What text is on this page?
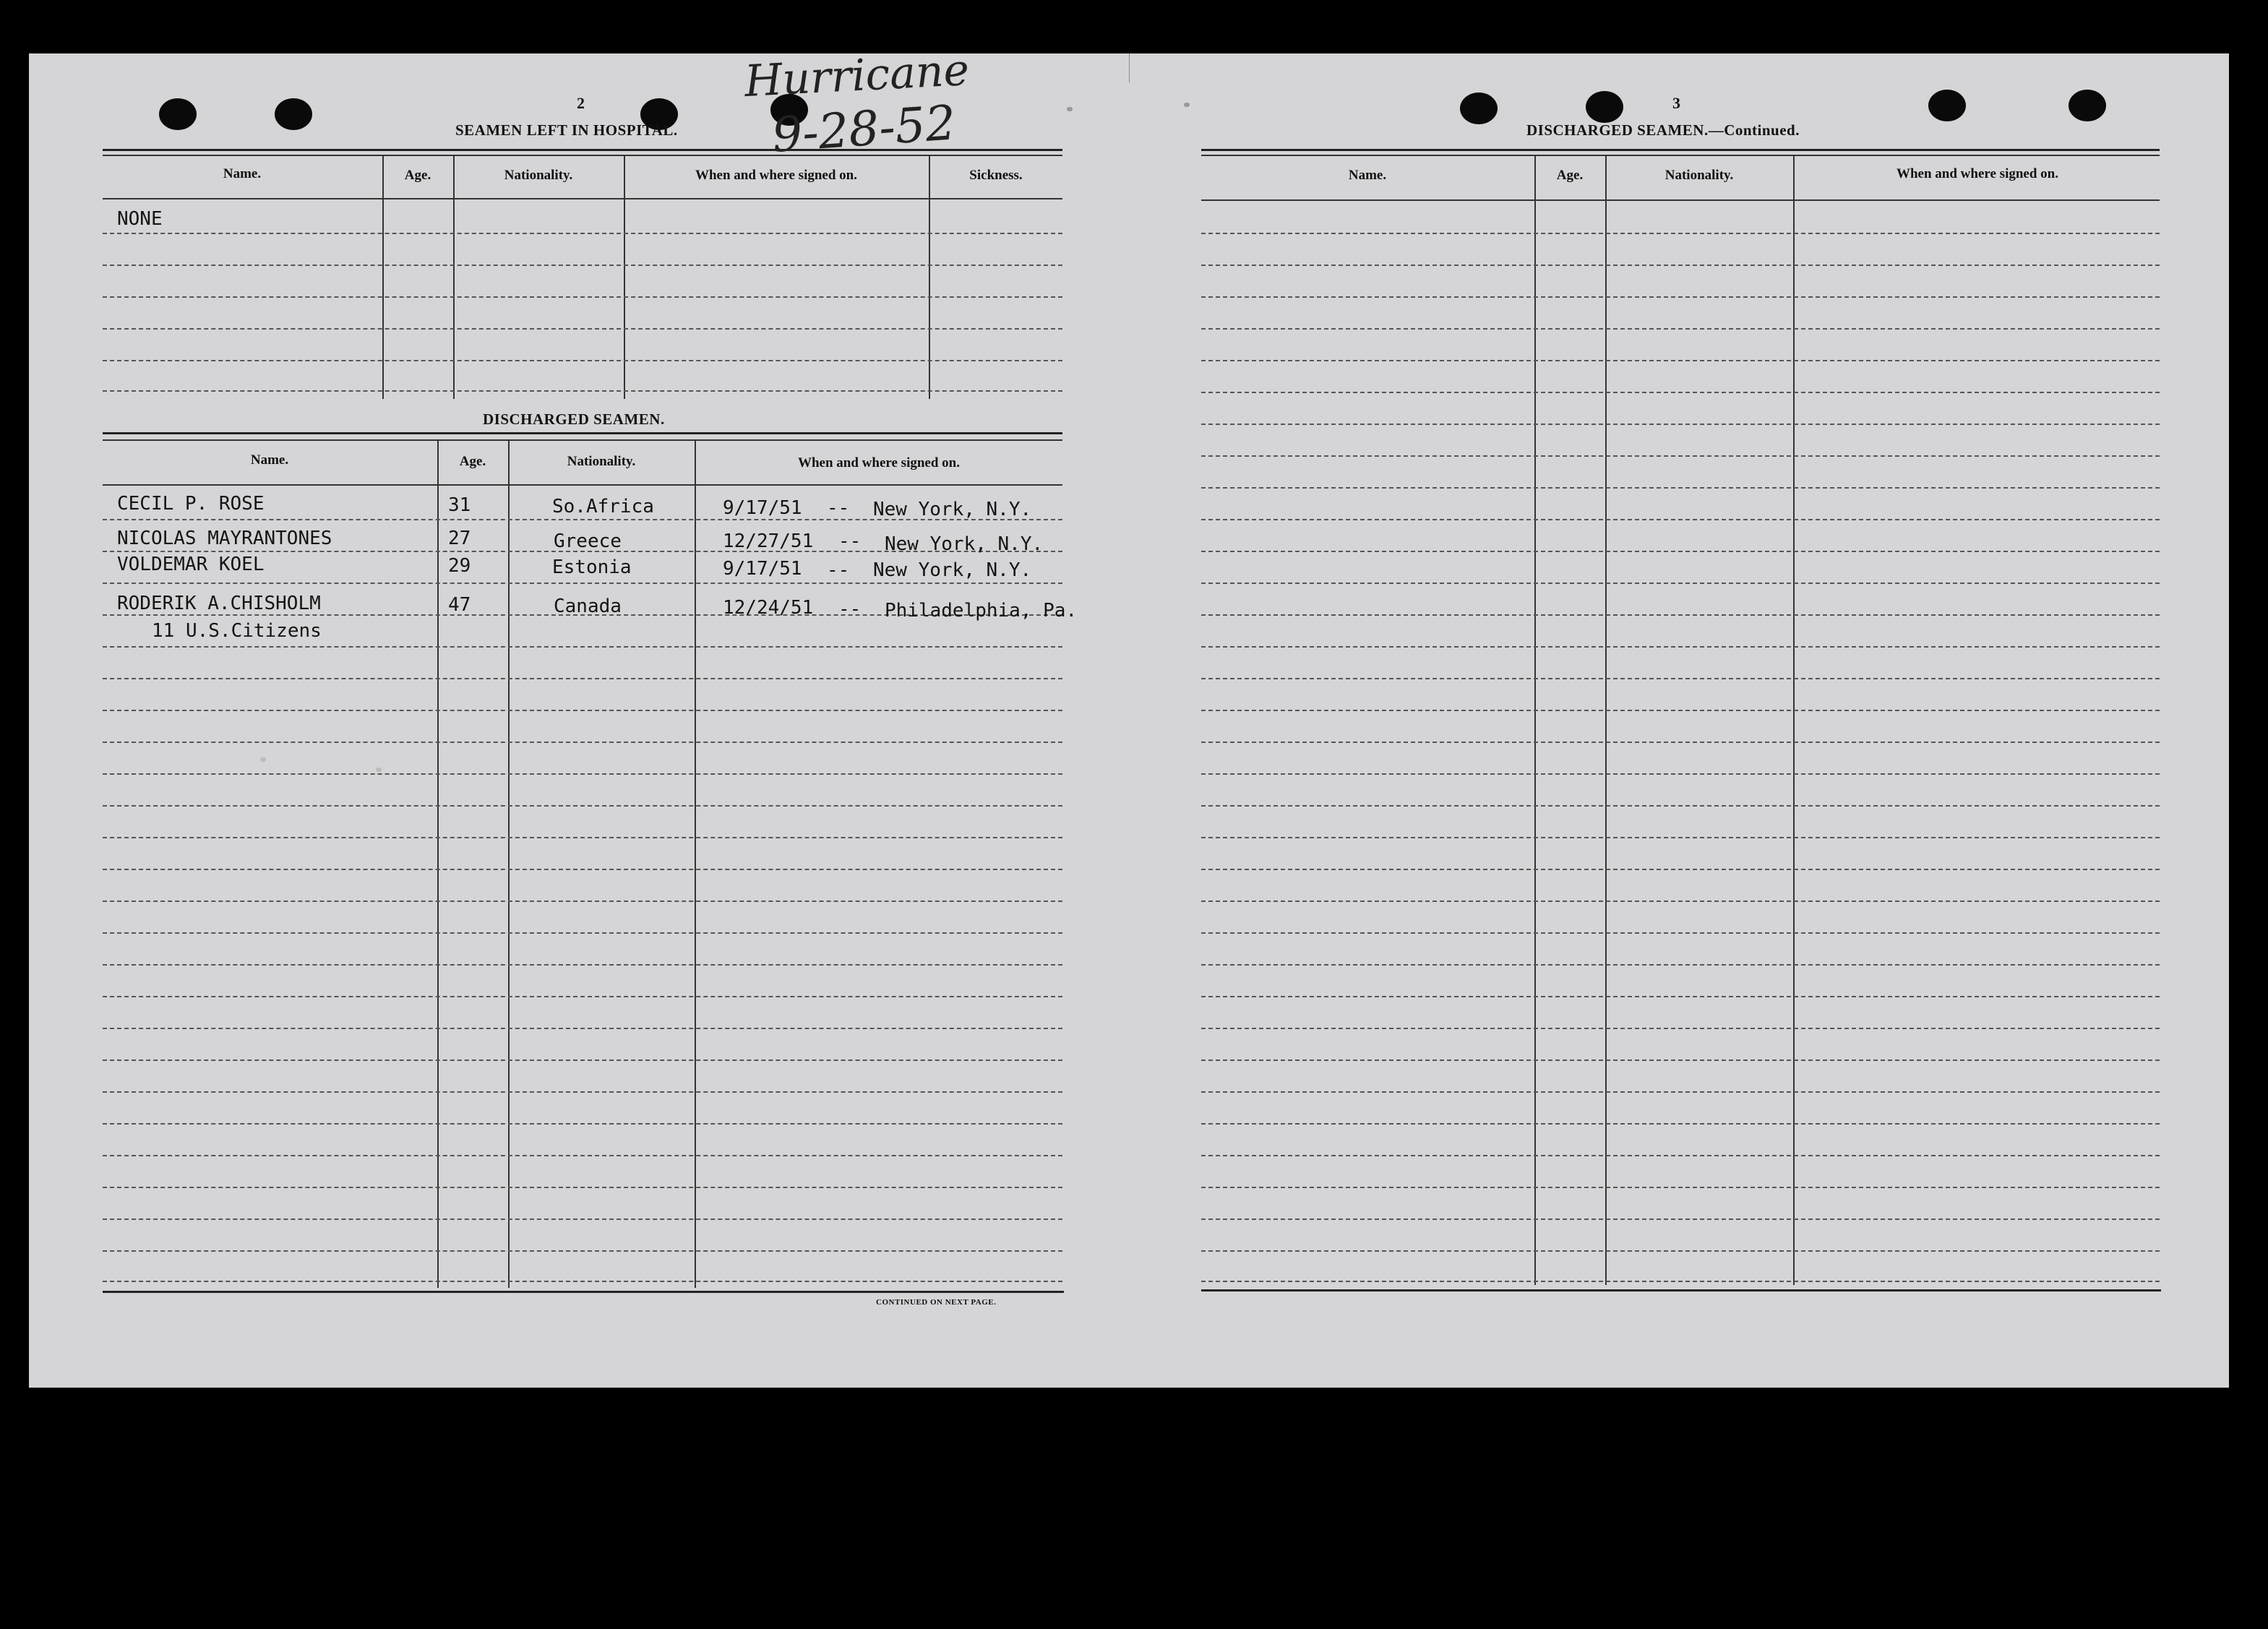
Hurricane
9-28-52
2
SEAMEN LEFT IN HOSPITAL.
Name.	Age.	Nationality.	When and where signed on.	Sickness.
NONE
DISCHARGED SEAMEN.
Name.	Age.	Nationality.	When and where signed on.
CONTINUED ON NEXT PAGE.
CECIL P. ROSE	31	So.Africa	9/17/51 -- New York, N.Y.
NICOLAS MAYRANTONES	27	Greece	12/27/51 -- New York, N.Y.
VOLDEMAR KOEL	29	Estonia	9/17/51 -- New York, N.Y.
RODERIK A.CHISHOLM	47	Canada	12/24/51 -- Philadelphia, Pa.
11 U.S.Citizens
3
DISCHARGED SEAMEN.—Continued.
Name.	Age.	Nationality.	When and where signed on.
